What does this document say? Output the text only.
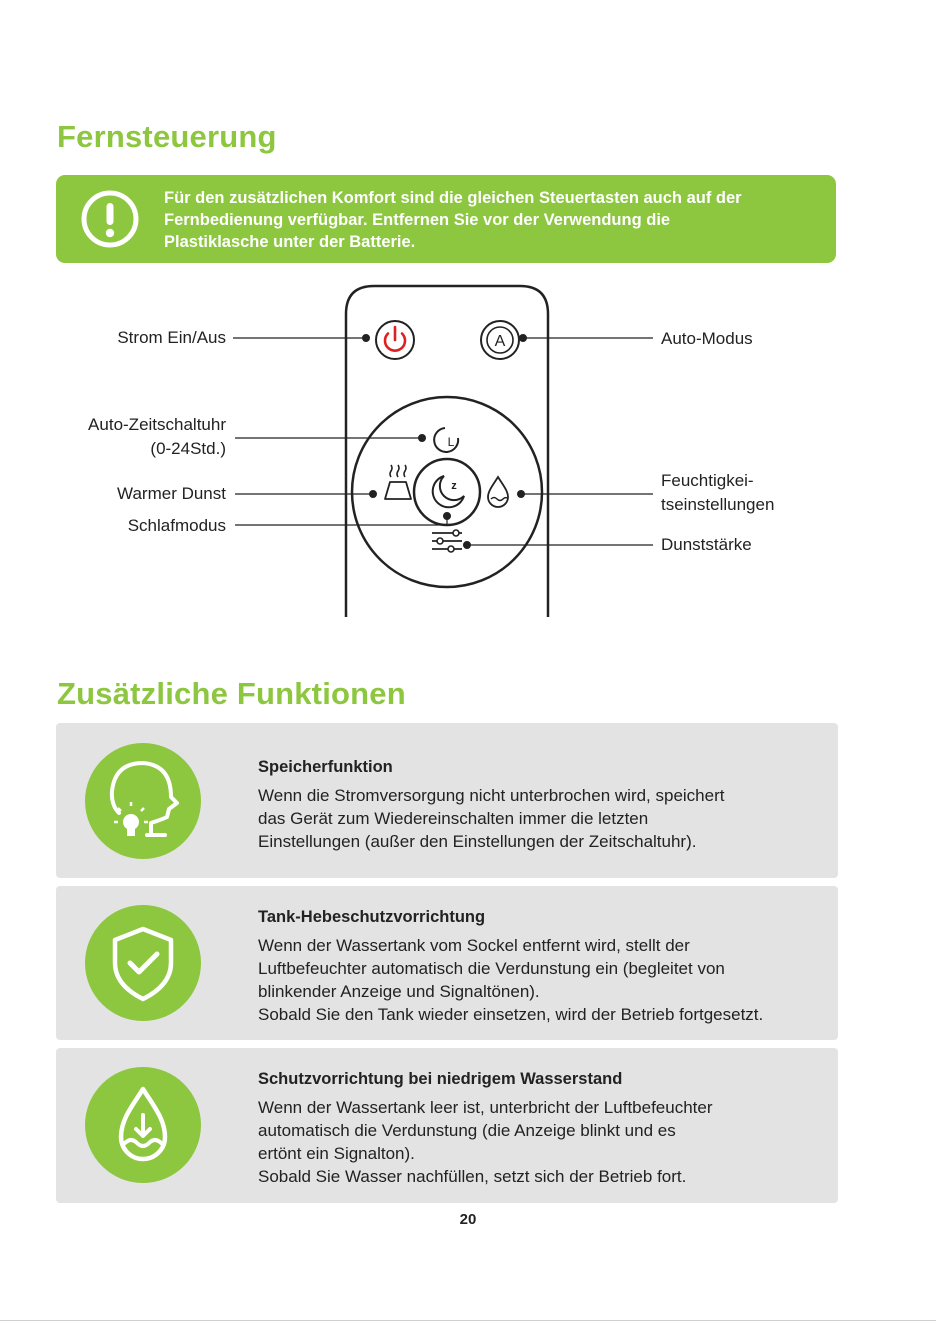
Fernsteuerung
Für den zusätzlichen Komfort sind die gleichen Steuertasten auch auf der
Fernbedienung verfügbar. Entfernen Sie vor der Verwendung die
Plastiklasche unter der Batterie.
A
L
z
Strom Ein/Aus	Auto-Modus
Auto-Zeitschaltuhr
(0-24Std.)
Warmer Dunst
Schlafmodus
Feuchtigkei-
tseinstellungen
Dunststärke
Zusätzliche Funktionen
Speicherfunktion
Wenn die Stromversorgung nicht unterbrochen wird, speichert
das Gerät zum Wiedereinschalten immer die letzten
Einstellungen (außer den Einstellungen der Zeitschaltuhr).
Tank-Hebeschutzvorrichtung
Wenn der Wassertank vom Sockel entfernt wird, stellt der
Luftbefeuchter automatisch die Verdunstung ein (begleitet von
blinkender Anzeige und Signaltönen).
Sobald Sie den Tank wieder einsetzen, wird der Betrieb fortgesetzt.
Schutzvorrichtung bei niedrigem Wasserstand
Wenn der Wassertank leer ist, unterbricht der Luftbefeuchter
automatisch die Verdunstung (die Anzeige blinkt und es
ertönt ein Signalton).
Sobald Sie Wasser nachfüllen, setzt sich der Betrieb fort.
20
